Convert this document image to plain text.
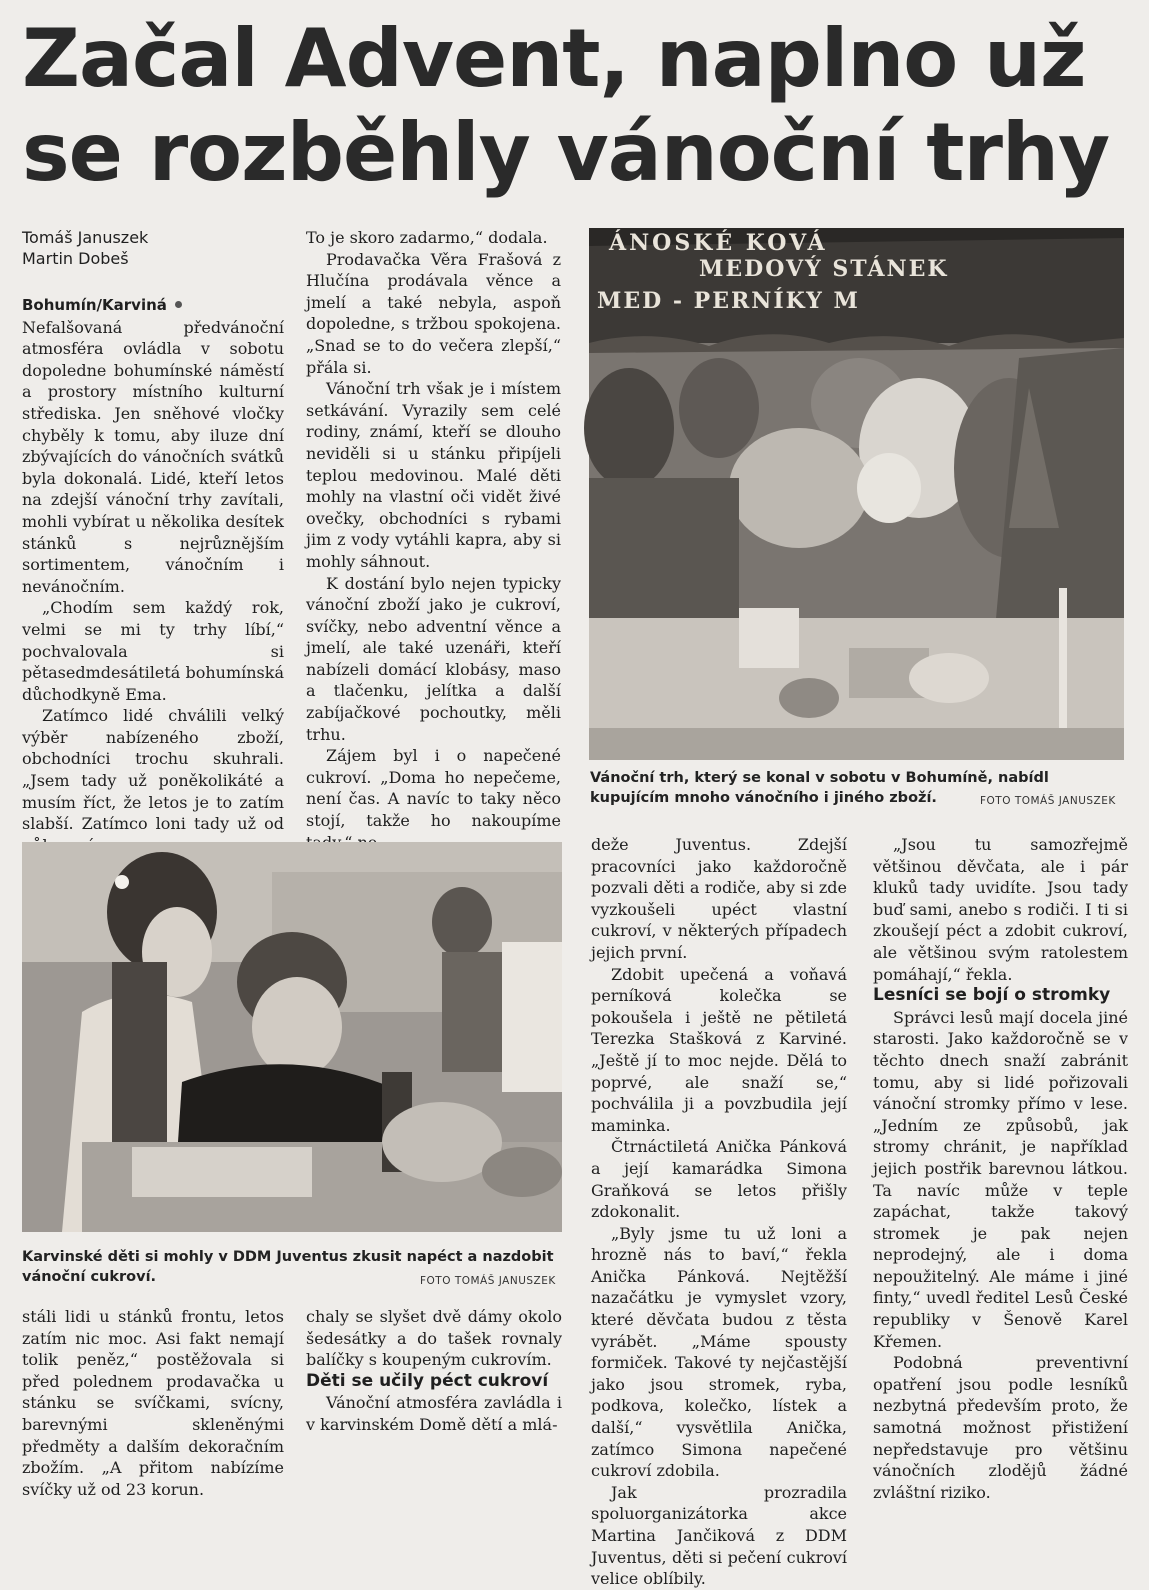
Začal Advent, naplno už
se rozběhly vánoční trhy
Tomáš Januszek
Martin Dobeš

Bohumín/KarvináNefalšovaná předvánoční atmosféra ovládla v sobotu dopoledne bohumínské náměstí a prostory místního kulturní střediska. Jen sněhové vločky chyběly k tomu, aby iluze dní zbývajících do vánočních svátků byla dokonalá. Lidé, kteří letos na zdejší vánoční trhy zavítali, mohli vybírat u několika desítek stánků s nejrůznějším sortimentem, vánočním i nevánočním.

„Chodím sem každý rok, velmi se mi ty trhy líbí,“ pochvalovala si pětasedmdesátiletá bohumínská důchodkyně Ema.

Zatímco lidé chválili velký výběr nabízeného zboží, obchodníci trochu skuhrali. „Jsem tady už poněkolikáté a musím říct, že letos je to zatím slabší. Zatímco loni tady už od

To je skoro zadarmo,“ dodala.

Prodavačka Věra Frašová z Hlučína prodávala věnce a jmelí a také nebyla, aspoň dopoledne, s tržbou spokojena. „Snad se to do večera zlepší,“ přála si.

Vánoční trh však je i místem setkávání. Vyrazily sem celé rodiny, známí, kteří se dlouho neviděli si u stánku připíjeli teplou medovinou. Malé děti mohly na vlastní oči vidět živé ovečky, obchodníci s rybami jim z vody vytáhli kapra, aby si mohly sáhnout.

K dostání bylo nejen typicky vánoční zboží jako je cukroví, svíčky, nebo adventní věnce a jmelí, ale také uzenáři, kteří nabízeli domácí klobásy, maso a tlačenku, jelítka a další zabíjačkové pochoutky, měli trhu.

Zájem byl i o napečené cukroví. „Doma ho nepečeme, není čas. A navíc to taky něco stojí, takže ho nakoupíme

ÁNOSKÉ KOVÁ
MEDOVÝ STÁNEK
MED - PERNÍKY M
Vánoční trh, který se konal v sobotu v Bohumíně, nabídl kupujícím mnoho vánočního i jiného zboží.	FOTO TOMÁŠ JANUSZEK
Karvinské děti si mohly v DDM Juventus zkusit napéct a nazdobit vánoční cukroví.	FOTO TOMÁŠ JANUSZEK

deže Juventus. Zdejší pracovníci jako každoročně pozvali děti a rodiče, aby si zde vyzkoušeli upéct vlastní cukroví, v některých případech jejich první.

Zdobit upečená a voňavá perníková kolečka se pokoušela i ještě ne pětiletá Terezka Stašková z Karviné. „Ještě jí to moc nejde. Dělá to poprvé, ale snaží se,“ pochválila ji a povzbudila její maminka.

Čtrnáctiletá Anička Pánková a její kamarádka Simona Graňková se letos přišly zdokonalit.

„Byly jsme tu už loni a hrozně nás to baví,“ řekla Anička Pánková. Nejtěžší nazačátku je vymyslet vzory, které děvčata budou z těsta vyrábět. „Máme spousty formiček. Takové ty nejčastější jako jsou stromek, ryba, podkova, kolečko, lístek a další,“ vysvětlila Anička, zatímco Simona napečené cukroví zdobila.

Jak prozradila spoluorganizátorka akce Martina Jančiková z DDM Juventus, děti si pečení cukroví velice oblíbily.

„Jsou tu samozřejmě většinou děvčata, ale i pár kluků tady uvidíte. Jsou tady buď sami, anebo s rodiči. I ti si zkoušejí péct a zdobit cukroví, ale většinou svým ratolestem pomáhají,“ řekla.

Lesníci se bojí o stromky

Správci lesů mají docela jiné starosti. Jako každoročně se v těchto dnech snaží zabránit tomu, aby si lidé pořizovali vánoční stromky přímo v lese. „Jedním ze způsobů, jak stromy chránit, je například jejich postřik barevnou látkou. Ta navíc může v teple zapáchat, takže takový stromek je pak nejen neprodejný, ale i doma nepoužitelný. Ale máme i jiné finty,“ uvedl ředitel Lesů České republiky v Šenově Karel Křemen.

Podobná preventivní opatření jsou podle lesníků nezbytná především proto, že samotná možnost přistižení nepředstavuje pro většinu vánočních zlodějů žádné zvláštní riziko.

stáli lidi u stánků frontu, letos zatím nic moc. Asi fakt nemají tolik peněz,“ postěžovala si před polednem prodavačka u stánku se svíčkami, svícny, barevnými skleněnými předměty a dalším dekoračním zbožím. „A přitom nabízíme svíčky už od 23 korun.

chaly se slyšet dvě dámy okolo šedesátky a do tašek rovnaly balíčky s koupeným cukrovím.

Děti se učily péct cukroví

Vánoční atmosféra zavládla i v karvinském Domě dětí a mlá-
